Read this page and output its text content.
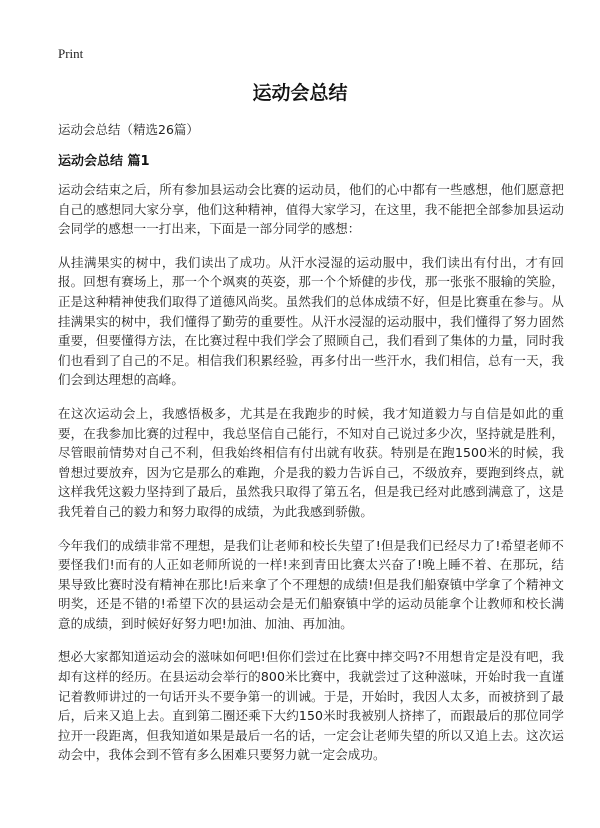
Print
运动会总结
运动会总结（精选26篇）
运动会总结 篇1

运动会结束之后，所有参加县运动会比赛的运动员，他们的心中都有一些感想，他们愿意把自己的感想同大家分享，他们这种精神，值得大家学习，在这里，我不能把全部参加县运动会同学的感想一一打出来，下面是一部分同学的感想：

从挂满果实的树中，我们读出了成功。从汗水浸湿的运动服中，我们读出有付出，才有回报。回想有赛场上，那一个个飒爽的英姿，那一个个矫健的步伐，那一张张不服输的笑脸，正是这种精神使我们取得了道德风尚奖。虽然我们的总体成绩不好，但是比赛重在参与。从挂满果实的树中，我们懂得了勤劳的重要性。从汗水浸湿的运动服中，我们懂得了努力固然重要，但要懂得方法，在比赛过程中我们学会了照顾自己，我们看到了集体的力量，同时我们也看到了自己的不足。相信我们积累经验，再多付出一些汗水，我们相信，总有一天，我们会到达理想的高峰。

在这次运动会上，我感悟极多，尤其是在我跑步的时候，我才知道毅力与自信是如此的重要，在我参加比赛的过程中，我总坚信自己能行，不知对自己说过多少次，坚持就是胜利，尽管眼前情势对自己不利，但我始终相信有付出就有收获。特别是在跑1500米的时候，我曾想过要放弃，因为它是那么的难跑，介是我的毅力告诉自己，不级放弃，要跑到终点，就这样我凭这毅力坚持到了最后，虽然我只取得了第五名，但是我已经对此感到满意了，这是我凭着自己的毅力和努力取得的成绩，为此我感到骄傲。

今年我们的成绩非常不理想，是我们让老师和校长失望了!但是我们已经尽力了!希望老师不要怪我们!而有的人正如老师所说的一样!来到青田比赛太兴奋了!晚上睡不着、在那玩，结果导致比赛时没有精神在那比!后来拿了个不理想的成绩!但是我们船寮镇中学拿了个精神文明奖，还是不错的!希望下次的县运动会是无们船寮镇中学的运动员能拿个让教师和校长满意的成绩，到时候好好努力吧!加油、加油、再加油。

想必大家都知道运动会的滋味如何吧!但你们尝过在比赛中摔交吗?不用想肯定是没有吧，我却有这样的经历。在县运动会举行的800米比赛中，我就尝过了这种滋味，开始时我一直谨记着教师讲过的一句话开头不要争第一的训诫。于是，开始时，我因人太多，而被挤到了最后，后来又追上去。直到第二圈还乘下大约150米时我被别人挤摔了，而跟最后的那位同学拉开一段距离，但我知道如果是最后一名的话，一定会让老师失望的所以又追上去。这次运动会中，我体会到不管有多么困难只要努力就一定会成功。
